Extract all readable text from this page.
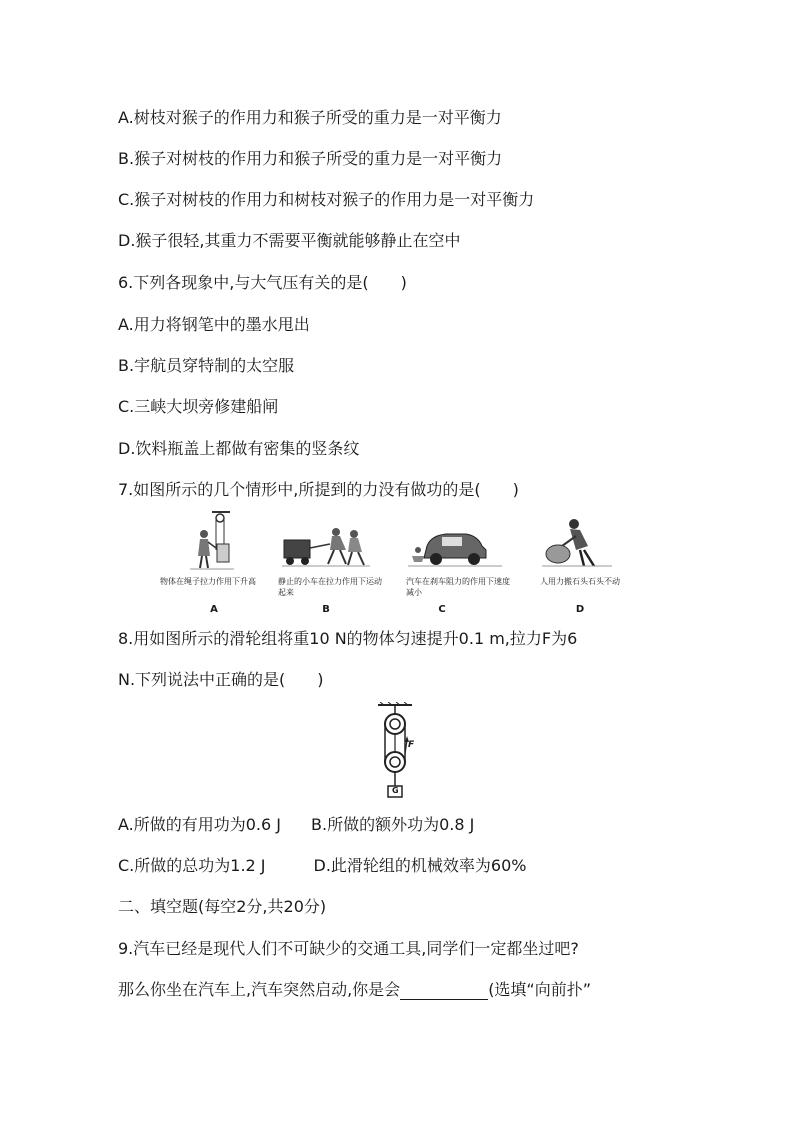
A.树枝对猴子的作用力和猴子所受的重力是一对平衡力
B.猴子对树枝的作用力和猴子所受的重力是一对平衡力
C.猴子对树枝的作用力和树枝对猴子的作用力是一对平衡力
D.猴子很轻,其重力不需要平衡就能够静止在空中
6.下列各现象中,与大气压有关的是(　　)
A.用力将钢笔中的墨水甩出
B.宇航员穿特制的太空服
C.三峡大坝旁修建船闸
D.饮料瓶盖上都做有密集的竖条纹
7.如图所示的几个情形中,所提到的力没有做功的是(　　)
物体在绳子拉力作用下升高
A
静止的小车在拉力作用下运动起来
B
汽车在刹车阻力的作用下速度减小
C
人用力搬石头石头不动
D
8.用如图所示的滑轮组将重10 N的物体匀速提升0.1 m,拉力F为6
N.下列说法中正确的是(　　)
F
G
A.所做的有用功为0.6 J B.所做的额外功为0.8 J
C.所做的总功为1.2 J	D.此滑轮组的机械效率为60%
二、填空题(每空2分,共20分)
9.汽车已经是现代人们不可缺少的交通工具,同学们一定都坐过吧?
那么你坐在汽车上,汽车突然启动,你是会	(选填“向前扑”
